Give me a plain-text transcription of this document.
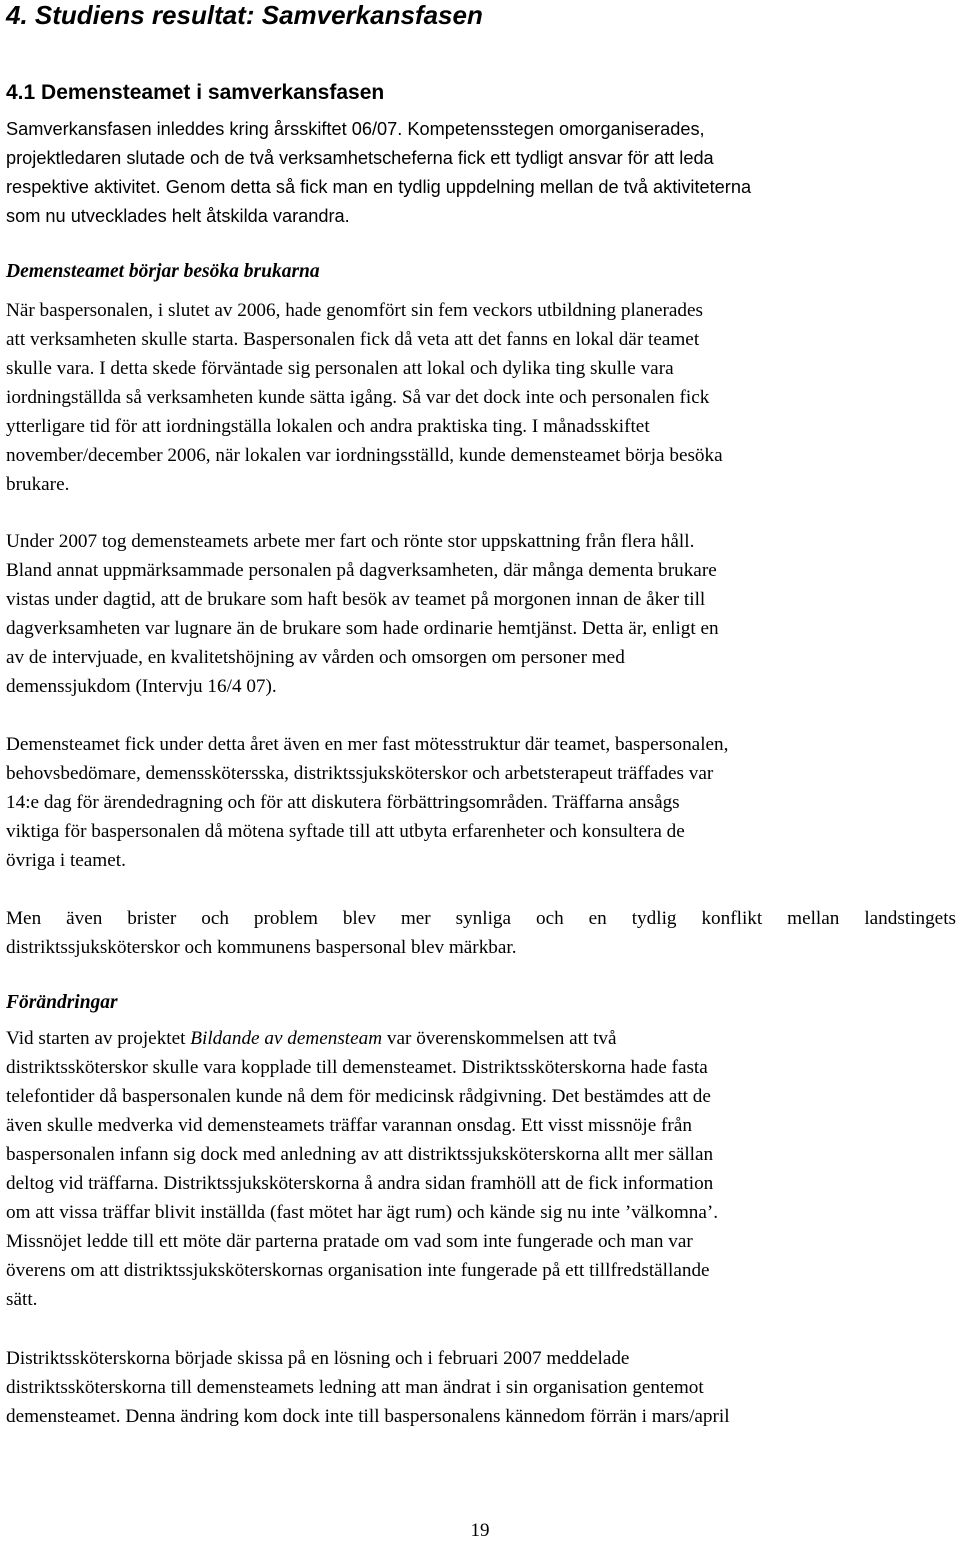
4. Studiens resultat: Samverkansfasen
4.1 Demensteamet i samverkansfasen
Samverkansfasen inleddes kring årsskiftet 06/07. Kompetensstegen omorganiserades,
projektledaren slutade och de två verksamhetscheferna fick ett tydligt ansvar för att leda
respektive aktivitet. Genom detta så fick man en tydlig uppdelning mellan de två aktiviteterna
som nu utvecklades helt åtskilda varandra.
Demensteamet börjar besöka brukarna
När baspersonalen, i slutet av 2006, hade genomfört sin fem veckors utbildning planerades
att verksamheten skulle starta. Baspersonalen fick då veta att det fanns en lokal där teamet
skulle vara. I detta skede förväntade sig personalen att lokal och dylika ting skulle vara
iordningställda så verksamheten kunde sätta igång. Så var det dock inte och personalen fick
ytterligare tid för att iordningställa lokalen och andra praktiska ting. I månadsskiftet
november/december 2006, när lokalen var iordningsställd, kunde demensteamet börja besöka
brukare.
Under 2007 tog demensteamets arbete mer fart och rönte stor uppskattning från flera håll.
Bland annat uppmärksammade personalen på dagverksamheten, där många dementa brukare
vistas under dagtid, att de brukare som haft besök av teamet på morgonen innan de åker till
dagverksamheten var lugnare än de brukare som hade ordinarie hemtjänst. Detta är, enligt en
av de intervjuade, en kvalitetshöjning av vården och omsorgen om personer med
demenssjukdom (Intervju 16/4 07).
Demensteamet fick under detta året även en mer fast mötesstruktur där teamet, baspersonalen,
behovsbedömare, demensskötersska, distriktssjuksköterskor och arbetsterapeut träffades var
14:e dag för ärendedragning och för att diskutera förbättringsområden. Träffarna ansågs
viktiga för baspersonalen då mötena syftade till att utbyta erfarenheter och konsultera de
övriga i teamet.
Men även brister och problem blev mer synliga och en tydlig konflikt mellan landstingets
distriktssjuksköterskor och kommunens baspersonal blev märkbar.
Förändringar
Vid starten av projektet Bildande av demensteam var överenskommelsen att två
distriktssköterskor skulle vara kopplade till demensteamet. Distriktssköterskorna hade fasta
telefontider då baspersonalen kunde nå dem för medicinsk rådgivning. Det bestämdes att de
även skulle medverka vid demensteamets träffar varannan onsdag. Ett visst missnöje från
baspersonalen infann sig dock med anledning av att distriktssjuksköterskorna allt mer sällan
deltog vid träffarna. Distriktssjuksköterskorna å andra sidan framhöll att de fick information
om att vissa träffar blivit inställda (fast mötet har ägt rum) och kände sig nu inte ’välkomna’.
Missnöjet ledde till ett möte där parterna pratade om vad som inte fungerade och man var
överens om att distriktssjuksköterskornas organisation inte fungerade på ett tillfredställande
sätt.
Distriktssköterskorna började skissa på en lösning och i februari 2007 meddelade
distriktssköterskorna till demensteamets ledning att man ändrat i sin organisation gentemot
demensteamet. Denna ändring kom dock inte till baspersonalens kännedom förrän i mars/april
19
